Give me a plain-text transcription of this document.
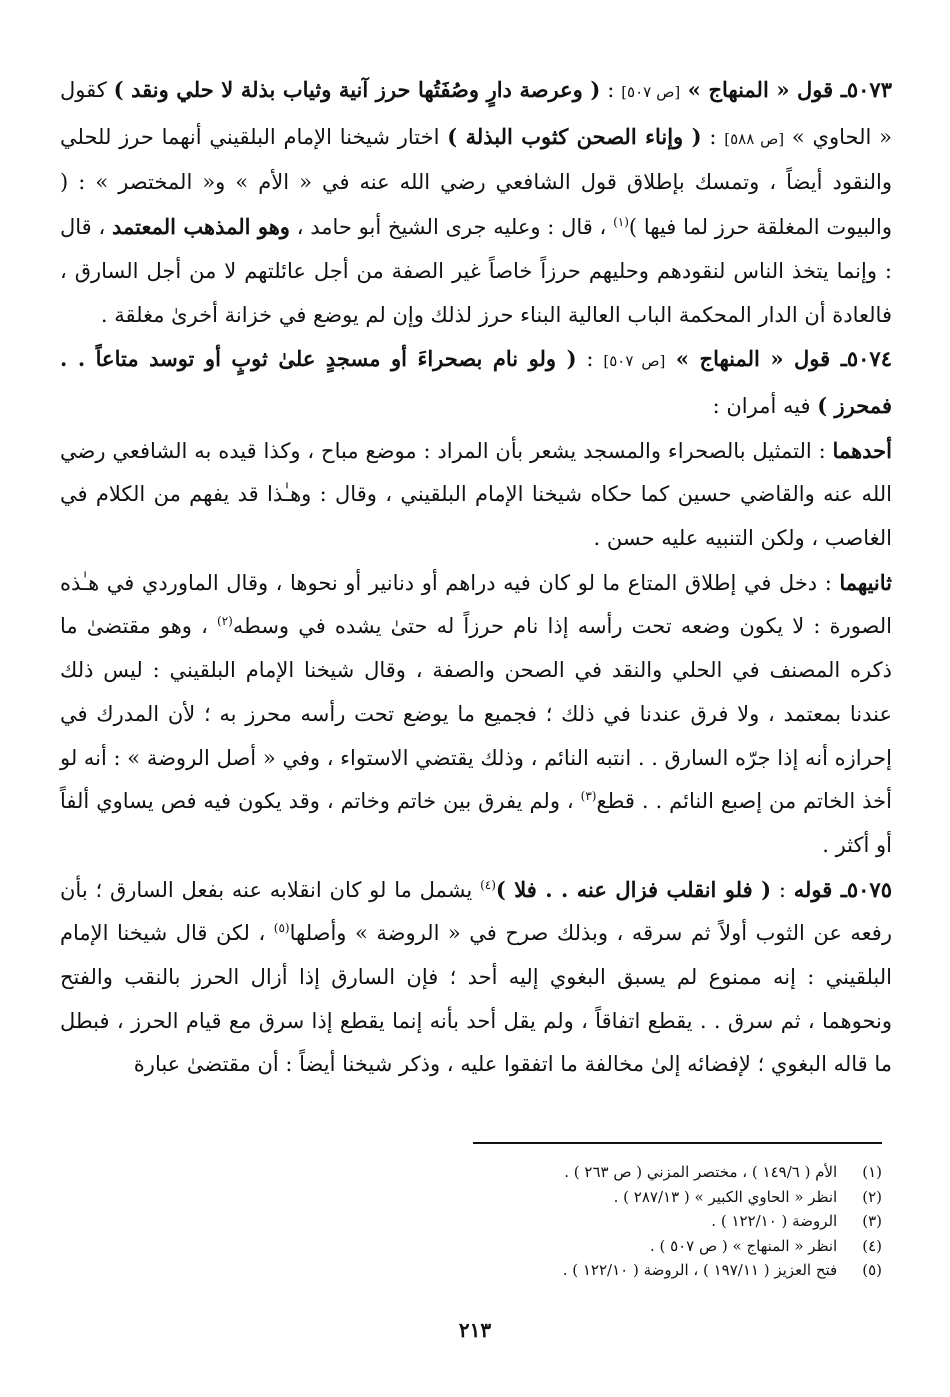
٥٠٧٣ـ قول « المنهاج » [ص ٥٠٧] : ( وعرصة دارٍ وصُفَتُها حرز آنية وثياب بذلة لا حلي ونقد ) كقول « الحاوي » [ص ٥٨٨] : ( وإناء الصحن كثوب البذلة ) اختار شيخنا الإمام البلقيني أنهما حرز للحلي والنقود أيضاً ، وتمسك بإطلاق قول الشافعي رضي الله عنه في « الأم » و« المختصر » : ( والبيوت المغلقة حرز لما فيها )$^{(١)}$ ، قال : وعليه جرى الشيخ أبو حامد ، وهو المذهب المعتمد ، قال : وإنما يتخذ الناس لنقودهم وحليهم حرزاً خاصاً غير الصفة من أجل عائلتهم لا من أجل السارق ، فالعادة أن الدار المحكمة الباب العالية البناء حرز لذلك وإن لم يوضع في خزانة أخرىٰ مغلقة .

٥٠٧٤ـ قول « المنهاج » [ص ٥٠٧] : ( ولو نام بصحراءَ أو مسجدٍ علىٰ ثوبٍ أو توسد متاعاً . . فمحرز ) فيه أمران :

أحدهما : التمثيل بالصحراء والمسجد يشعر بأن المراد : موضع مباح ، وكذا قيده به الشافعي رضي الله عنه والقاضي حسين كما حكاه شيخنا الإمام البلقيني ، وقال : وهـٰذا قد يفهم من الكلام في الغاصب ، ولكن التنبيه عليه حسن .

ثانيهما : دخل في إطلاق المتاع ما لو كان فيه دراهم أو دنانير أو نحوها ، وقال الماوردي في هـٰذه الصورة : لا يكون وضعه تحت رأسه إذا نام حرزاً له حتىٰ يشده في وسطه$^{(٢)}$ ، وهو مقتضىٰ ما ذكره المصنف في الحلي والنقد في الصحن والصفة ، وقال شيخنا الإمام البلقيني : ليس ذلك عندنا بمعتمد ، ولا فرق عندنا في ذلك ؛ فجميع ما يوضع تحت رأسه محرز به ؛ لأن المدرك في إحرازه أنه إذا جرّه السارق . . انتبه النائم ، وذلك يقتضي الاستواء ، وفي « أصل الروضة » : أنه لو أخذ الخاتم من إصبع النائم . . قطع$^{(٣)}$ ، ولم يفرق بين خاتم وخاتم ، وقد يكون فيه فص يساوي ألفاً أو أكثر .

٥٠٧٥ـ قوله : ( فلو انقلب فزال عنه . . فلا )$^{(٤)}$ يشمل ما لو كان انقلابه عنه بفعل السارق ؛ بأن رفعه عن الثوب أولاً ثم سرقه ، وبذلك صرح في « الروضة » وأصلها$^{(٥)}$ ، لكن قال شيخنا الإمام البلقيني : إنه ممنوع لم يسبق البغوي إليه أحد ؛ فإن السارق إذا أزال الحرز بالنقب والفتح ونحوهما ، ثم سرق . . يقطع اتفاقاً ، ولم يقل أحد بأنه إنما يقطع إذا سرق مع قيام الحرز ، فبطل ما قاله البغوي ؛ لإفضائه إلىٰ مخالفة ما اتفقوا عليه ، وذكر شيخنا أيضاً : أن مقتضىٰ عبارة

(١) الأم ( ١٤٩/٦ ) ، مختصر المزني ( ص ٢٦٣ ) .
(٢) انظر « الحاوي الكبير » ( ٢٨٧/١٣ ) .
(٣) الروضة ( ١٢٢/١٠ ) .
(٤) انظر « المنهاج » ( ص ٥٠٧ ) .
(٥) فتح العزيز ( ١٩٧/١١ ) ، الروضة ( ١٢٢/١٠ ) .
٢١٣
